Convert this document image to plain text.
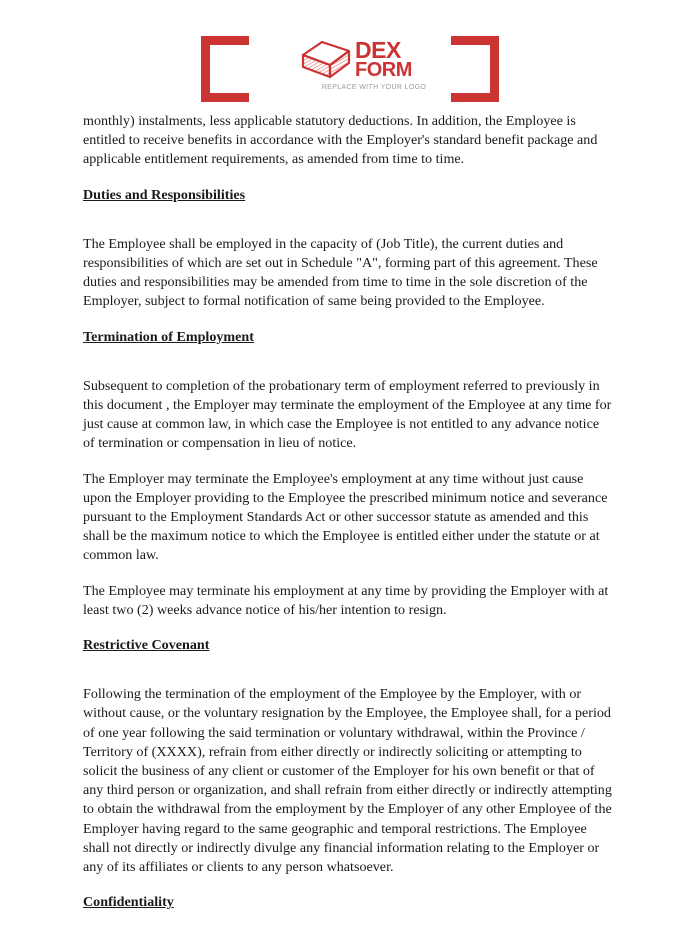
DEX
FORM
REPLACE WITH YOUR LOGO

monthly) instalments, less applicable statutory deductions. In addition, the Employee is entitled to receive benefits in accordance with the Employer's standard benefit package and applicable entitlement requirements, as amended from time to time.

Duties and Responsibilities

The Employee shall be employed in the capacity of (Job Title), the current duties and responsibilities of which are set out in Schedule "A", forming part of this agreement. These duties and responsibilities may be amended from time to time in the sole discretion of the Employer, subject to formal notification of same being provided to the Employee.

Termination of Employment

Subsequent to completion of the probationary term of employment referred to previously in this document , the Employer may terminate the employment of the Employee at any time for just cause at common law, in which case the Employee is not entitled to any advance notice of termination or compensation in lieu of notice.

The Employer may terminate the Employee's employment at any time without just cause upon the Employer providing to the Employee the prescribed minimum notice and severance pursuant to the Employment Standards Act or other successor statute as amended and this shall be the maximum notice to which the Employee is entitled either under the statute or at common law.

The Employee may terminate his employment at any time by providing the Employer with at least two (2) weeks advance notice of his/her intention to resign.

Restrictive Covenant

Following the termination of the employment of the Employee by the Employer, with or without cause, or the voluntary resignation by the Employee, the Employee shall, for a period of one year following the said termination or voluntary withdrawal, within the Province / Territory of (XXXX), refrain from either directly or indirectly soliciting or attempting to solicit the business of any client or customer of the Employer for his own benefit or that of any third person or organization, and shall refrain from either directly or indirectly attempting to obtain the withdrawal from the employment by the Employer of any other Employee of the Employer having regard to the same geographic and temporal restrictions. The Employee shall not directly or indirectly divulge any financial information relating to the Employer or any of its affiliates or clients to any person whatsoever.

Confidentiality
